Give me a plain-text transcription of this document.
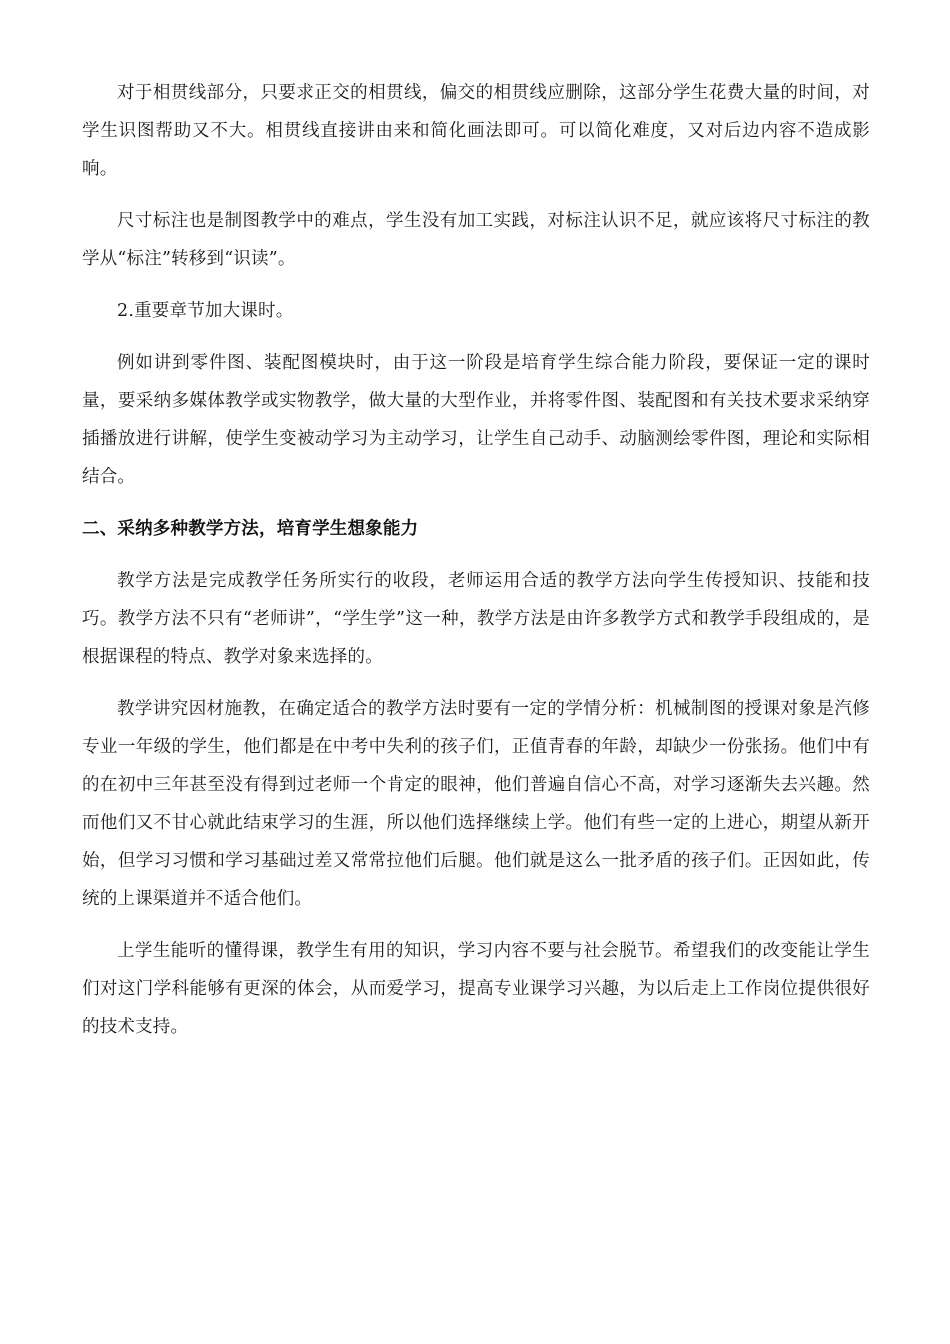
对于相贯线部分，只要求正交的相贯线，偏交的相贯线应删除，这部分学生花费大量的时间，对学生识图帮助又不大。相贯线直接讲由来和简化画法即可。可以简化难度，又对后边内容不造成影响。

尺寸标注也是制图教学中的难点，学生没有加工实践，对标注认识不足，就应该将尺寸标注的教学从“标注”转移到“识读”。

2.重要章节加大课时。

例如讲到零件图、装配图模块时，由于这一阶段是培育学生综合能力阶段，要保证一定的课时量，要采纳多媒体教学或实物教学，做大量的大型作业，并将零件图、装配图和有关技术要求采纳穿插播放进行讲解，使学生变被动学习为主动学习，让学生自己动手、动脑测绘零件图，理论和实际相结合。

二、采纳多种教学方法，培育学生想象能力

教学方法是完成教学任务所实行的收段，老师运用合适的教学方法向学生传授知识、技能和技巧。教学方法不只有“老师讲”，“学生学”这一种，教学方法是由许多教学方式和教学手段组成的，是根据课程的特点、教学对象来选择的。

教学讲究因材施教，在确定适合的教学方法时要有一定的学情分析：机械制图的授课对象是汽修专业一年级的学生，他们都是在中考中失利的孩子们，正值青春的年龄，却缺少一份张扬。他们中有的在初中三年甚至没有得到过老师一个肯定的眼神，他们普遍自信心不高，对学习逐渐失去兴趣。然而他们又不甘心就此结束学习的生涯，所以他们选择继续上学。他们有些一定的上进心，期望从新开始，但学习习惯和学习基础过差又常常拉他们后腿。他们就是这么一批矛盾的孩子们。正因如此，传统的上课渠道并不适合他们。

上学生能听的懂得课，教学生有用的知识，学习内容不要与社会脱节。希望我们的改变能让学生们对这门学科能够有更深的体会，从而爱学习，提高专业课学习兴趣，为以后走上工作岗位提供很好的技术支持。
